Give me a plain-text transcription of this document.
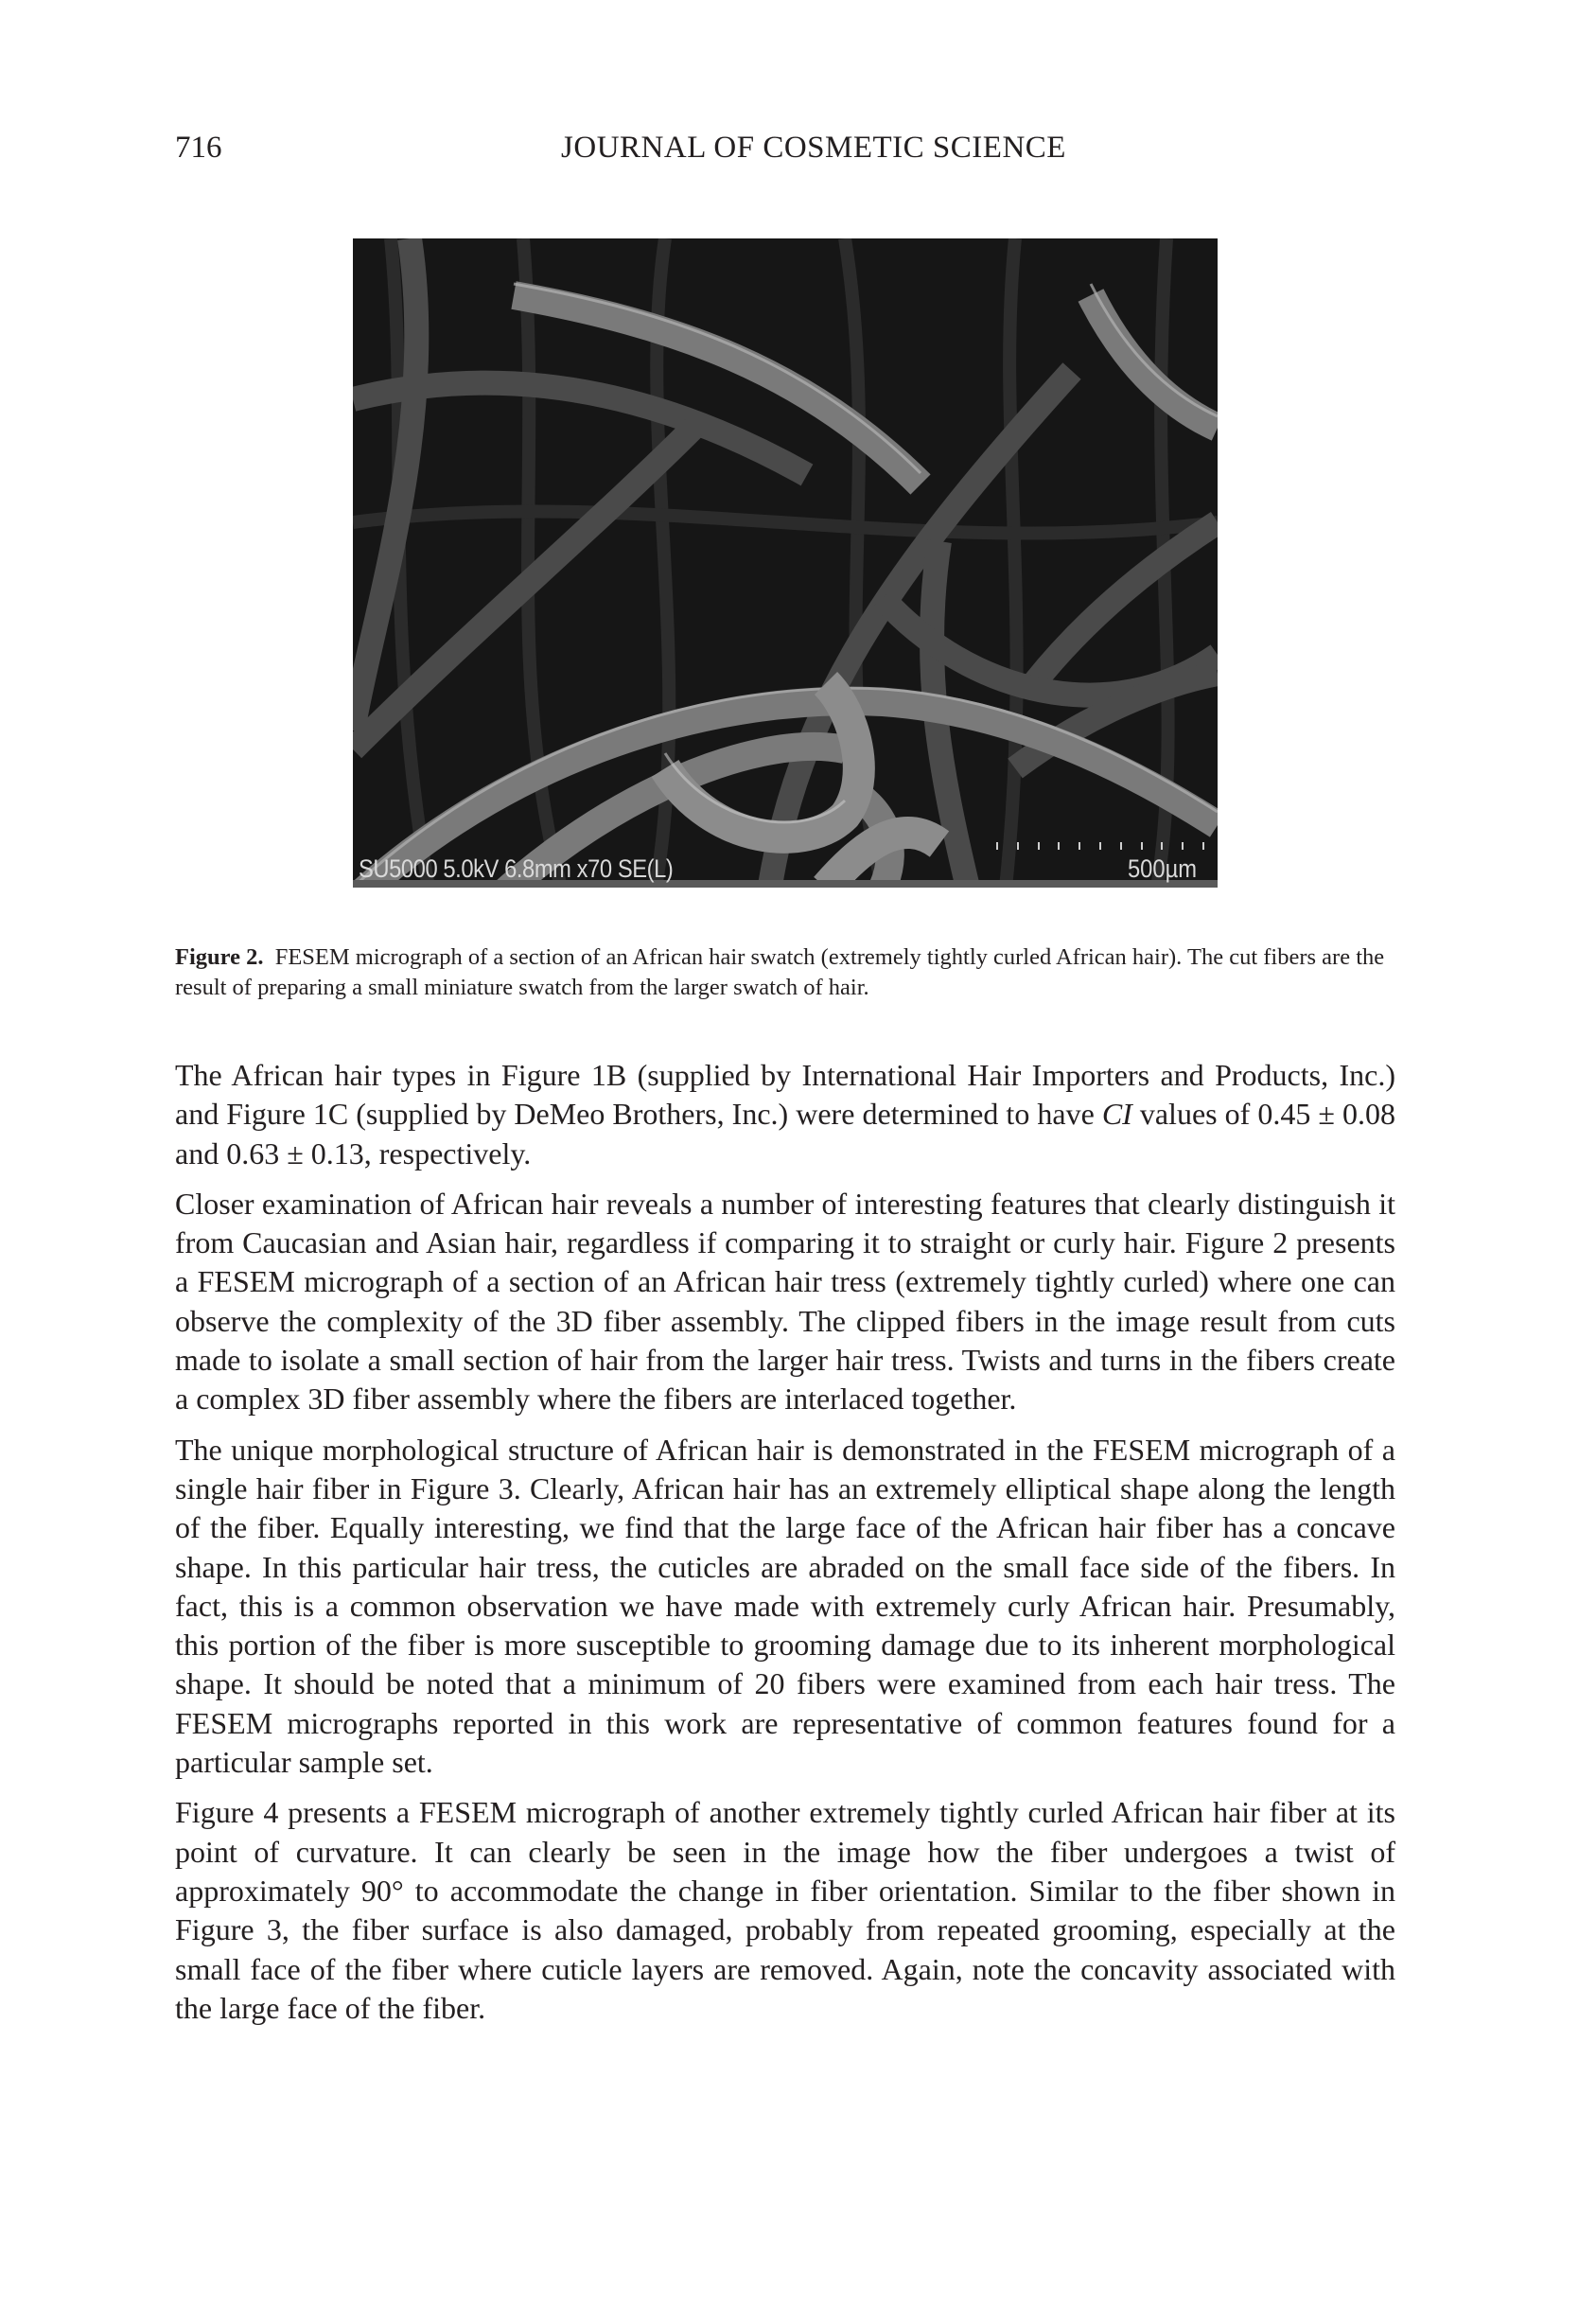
716	JOURNAL OF COSMETIC SCIENCE
SU5000 5.0kV 6.8mm x70 SE(L)	500µm
Figure 2. FESEM micrograph of a section of an African hair swatch (extremely tightly curled African hair). The cut fibers are the result of preparing a small miniature swatch from the larger swatch of hair.

The African hair types in Figure 1B (supplied by International Hair Importers and Products, Inc.) and Figure 1C (supplied by DeMeo Brothers, Inc.) were determined to have CI values of 0.45 ± 0.08 and 0.63 ± 0.13, respectively.

Closer examination of African hair reveals a number of interesting features that clearly distinguish it from Caucasian and Asian hair, regardless if comparing it to straight or curly hair. Figure 2 presents a FESEM micrograph of a section of an African hair tress (extremely tightly curled) where one can observe the complexity of the 3D fiber assembly. The clipped fibers in the image result from cuts made to isolate a small section of hair from the larger hair tress. Twists and turns in the fibers create a complex 3D fiber assembly where the fibers are interlaced together.

The unique morphological structure of African hair is demonstrated in the FESEM micrograph of a single hair fiber in Figure 3. Clearly, African hair has an extremely elliptical shape along the length of the fiber. Equally interesting, we find that the large face of the African hair fiber has a concave shape. In this particular hair tress, the cuticles are abraded on the small face side of the fibers. In fact, this is a common observation we have made with extremely curly African hair. Presumably, this portion of the fiber is more susceptible to grooming damage due to its inherent morphological shape. It should be noted that a minimum of 20 fibers were examined from each hair tress. The FESEM micrographs reported in this work are representative of common features found for a particular sample set.

Figure 4 presents a FESEM micrograph of another extremely tightly curled African hair fiber at its point of curvature. It can clearly be seen in the image how the fiber undergoes a twist of approximately 90° to accommodate the change in fiber orientation. Similar to the fiber shown in Figure 3, the fiber surface is also damaged, probably from repeated grooming, especially at the small face of the fiber where cuticle layers are removed. Again, note the concavity associated with the large face of the fiber.
